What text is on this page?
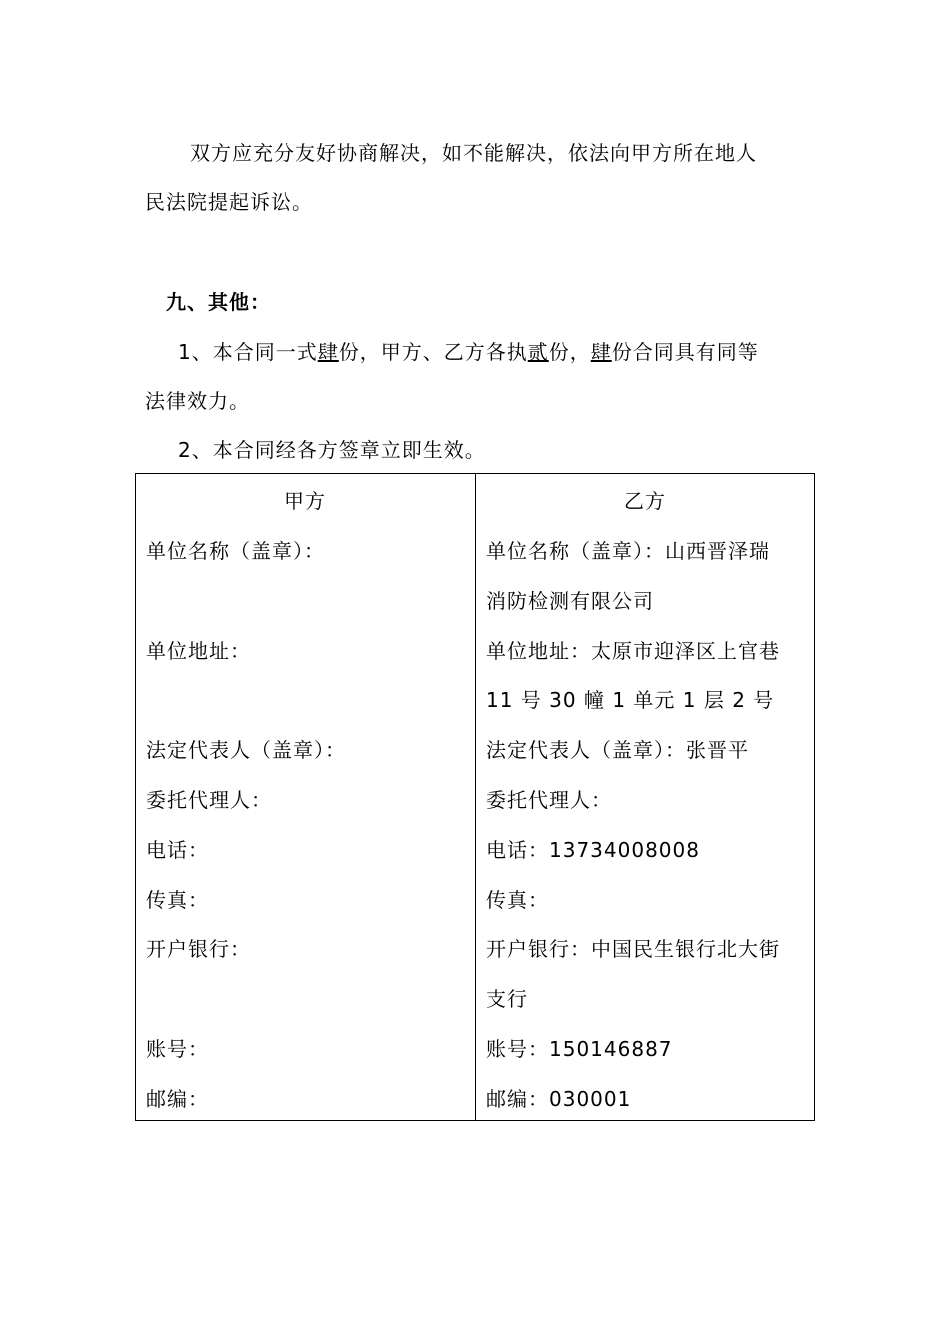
双方应充分友好协商解决，如不能解决，依法向甲方所在地人
民法院提起诉讼。
九、其他：
1、本合同一式肆份，甲方、乙方各执贰份，肆份合同具有同等
法律效力。
2、本合同经各方签章立即生效。
甲方
单位名称（盖章）：
单位地址：
法定代表人（盖章）：
委托代理人：
电话：
传真：
开户银行：
账号：
邮编：
乙方
单位名称（盖章）：山西晋泽瑞
消防检测有限公司
单位地址：太原市迎泽区上官巷
11 号 30 幢 1 单元 1 层 2 号
法定代表人（盖章）：张晋平
委托代理人：
电话：13734008008
传真：
开户银行：中国民生银行北大街
支行
账号：150146887
邮编：030001
